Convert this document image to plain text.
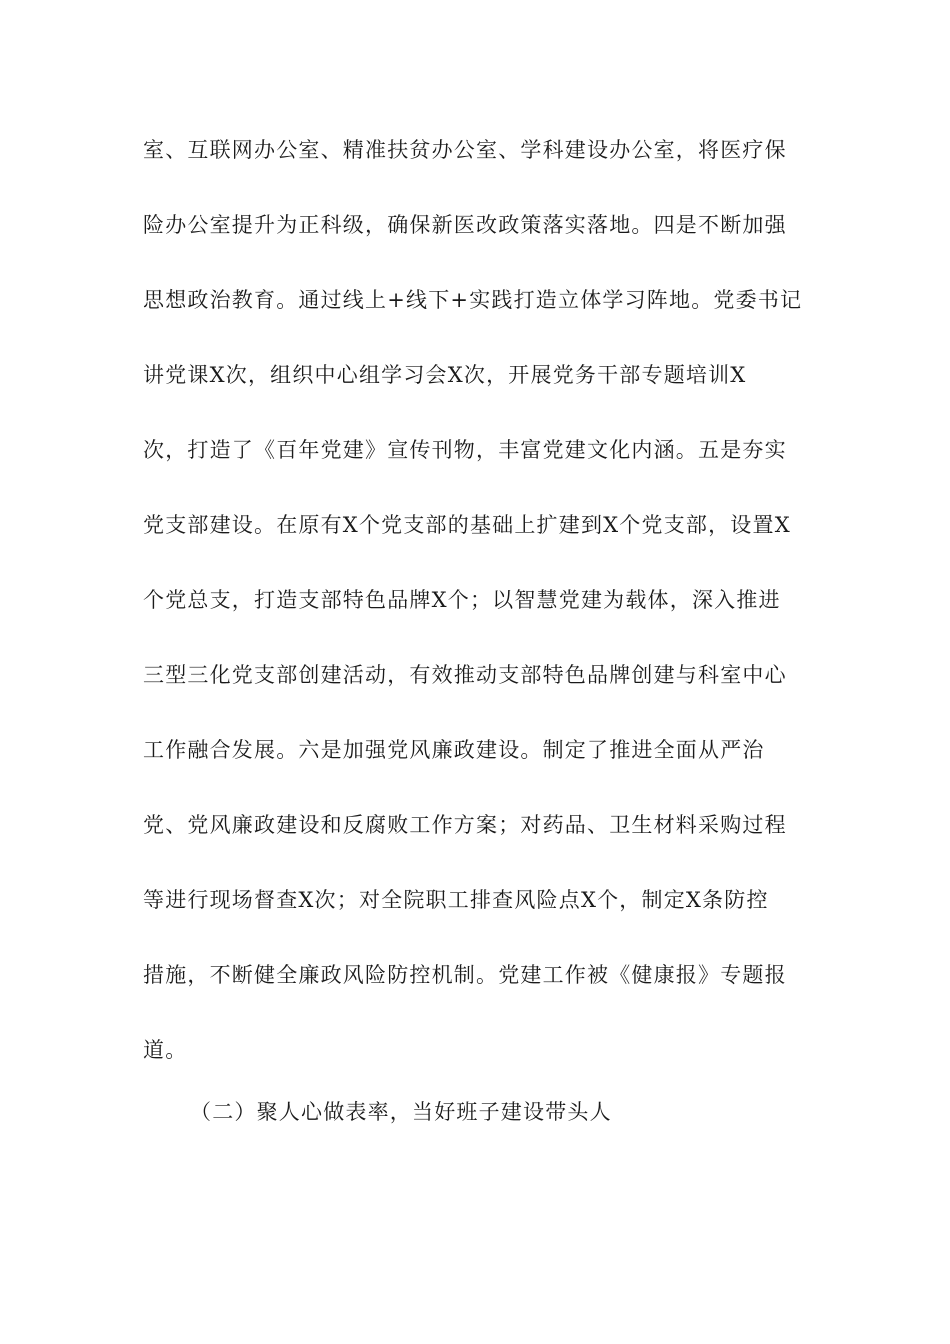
室、互联网办公室、精准扶贫办公室、学科建设办公室，将医疗保
险办公室提升为正科级，确保新医改政策落实落地。四是不断加强
思想政治教育。通过线上+线下+实践打造立体学习阵地。党委书记
讲党课X次，组织中心组学习会X次，开展党务干部专题培训X
次，打造了《百年党建》宣传刊物，丰富党建文化内涵。五是夯实
党支部建设。在原有X个党支部的基础上扩建到X个党支部，设置X
个党总支，打造支部特色品牌X个；以智慧党建为载体，深入推进
三型三化党支部创建活动，有效推动支部特色品牌创建与科室中心
工作融合发展。六是加强党风廉政建设。制定了推进全面从严治
党、党风廉政建设和反腐败工作方案；对药品、卫生材料采购过程
等进行现场督查X次；对全院职工排查风险点X个，制定X条防控
措施，不断健全廉政风险防控机制。党建工作被《健康报》专题报
道。
（二）聚人心做表率，当好班子建设带头人
